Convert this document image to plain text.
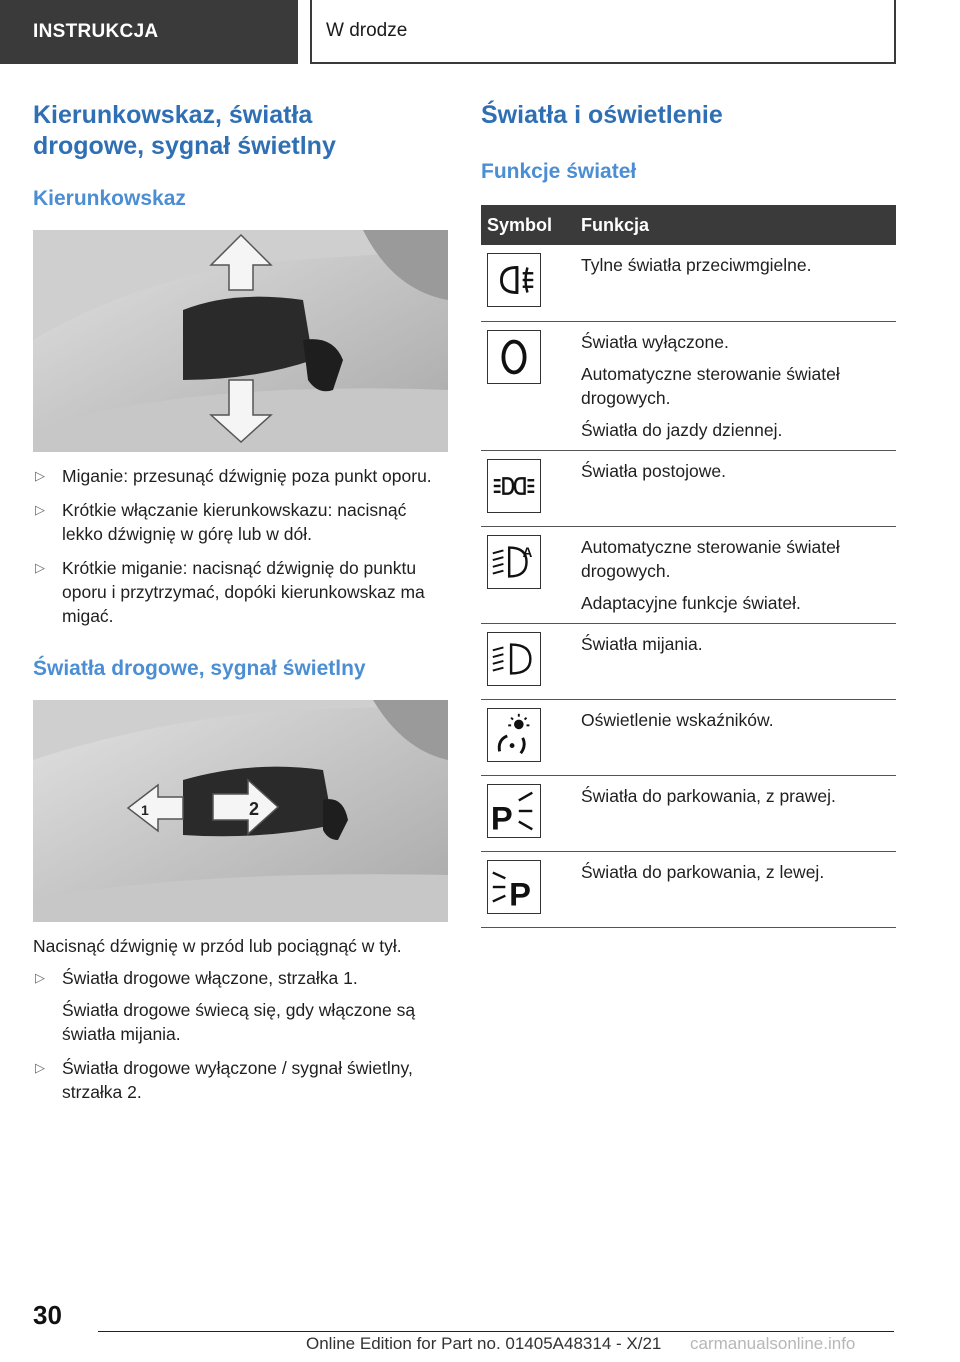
INSTRUKCJA	W drodze
Kierunkowskaz, światła drogowe, sygnał świetlny
Kierunkowskaz
▷ Miganie: przesunąć dźwignię poza punkt oporu.
▷ Krótkie włączanie kierunkowskazu: nacisnąć lekko dźwignię w górę lub w dół.
▷ Krótkie miganie: nacisnąć dźwignię do punktu oporu i przytrzymać, dopóki kierunkowskaz ma migać.
Światła drogowe, sygnał świetlny
1	2
Nacisnąć dźwignię w przód lub pociągnąć w tył.
▷ Światła drogowe włączone, strzałka 1.
Światła drogowe świecą się, gdy włączone są światła mijania.
▷ Światła drogowe wyłączone / sygnał świetlny, strzałka 2.
Światła i oświetlenie
Funkcje świateł
Symbol	Funkcja

Tylne światła przeciwmgielne.

Światła wyłączone.
Automatyczne sterowanie świateł drogowych.
Światła do jazdy dziennej.

Światła postojowe.

A	Automatyczne sterowanie świateł drogowych.
Adaptacyjne funkcje świateł.

Światła mijania.

Oświetlenie wskaźników.

P	Światła do parkowania, z prawej.

P	Światła do parkowania, z lewej.
30
Online Edition for Part no. 01405A48314 - X/21 carmanualsonline.info
